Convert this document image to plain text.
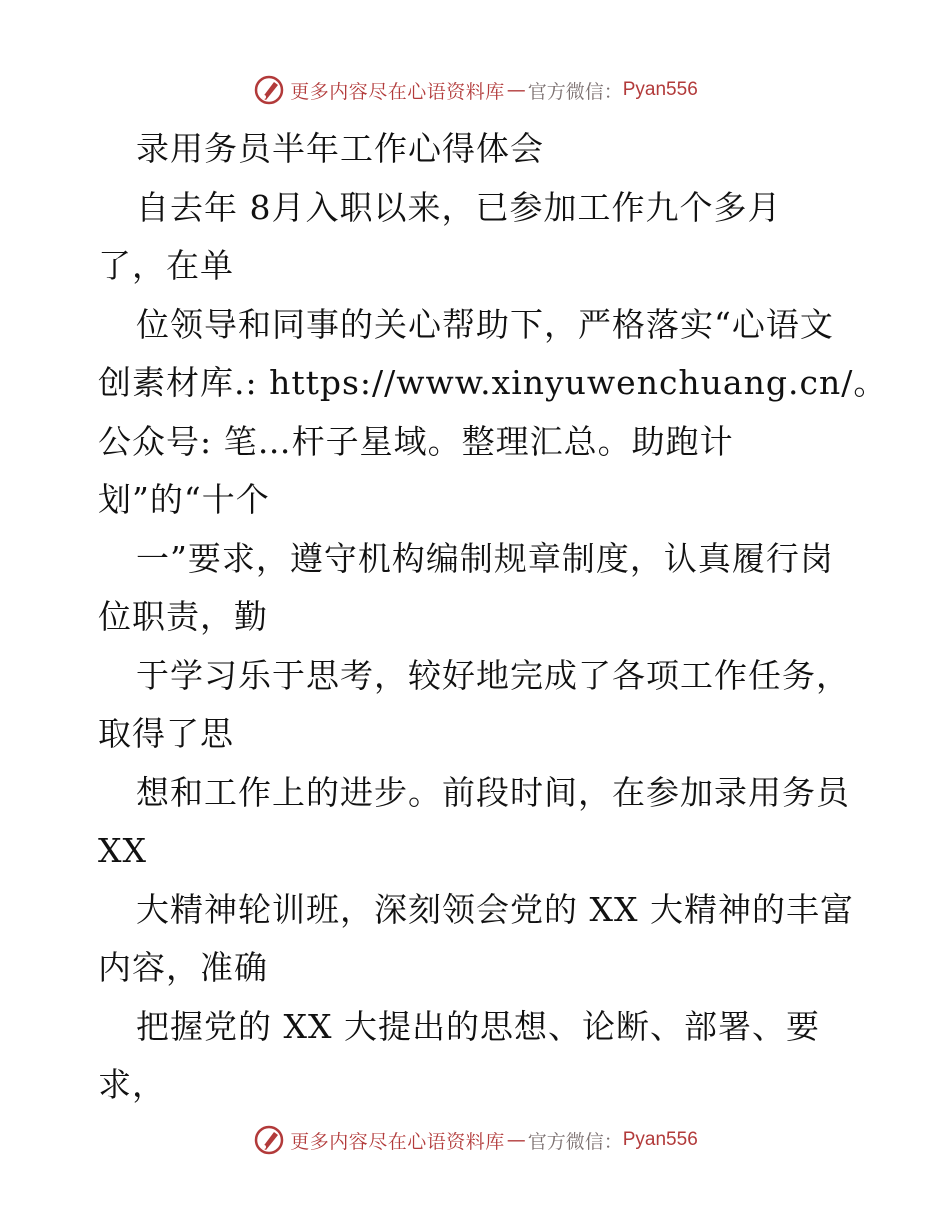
更多内容尽在心语资料库 — 官方微信： Pyan556
录用务员半年工作心得体会
自去年 8月入职以来，已参加工作九个多月
了，在单
位领导和同事的关心帮助下，严格落实“心语文
创素材库.: https://www.xinyuwenchuang.cn/。
公众号: 笔…杆子星域。整理汇总。助跑计
划”的“十个
一”要求，遵守机构编制规章制度，认真履行岗
位职责，勤
于学习乐于思考，较好地完成了各项工作任务，
取得了思
想和工作上的进步。前段时间，在参加录用务员
XX
大精神轮训班，深刻领会党的 XX 大精神的丰富
内容，准确
把握党的 XX 大提出的思想、论断、部署、要
求，
更多内容尽在心语资料库 — 官方微信： Pyan556
